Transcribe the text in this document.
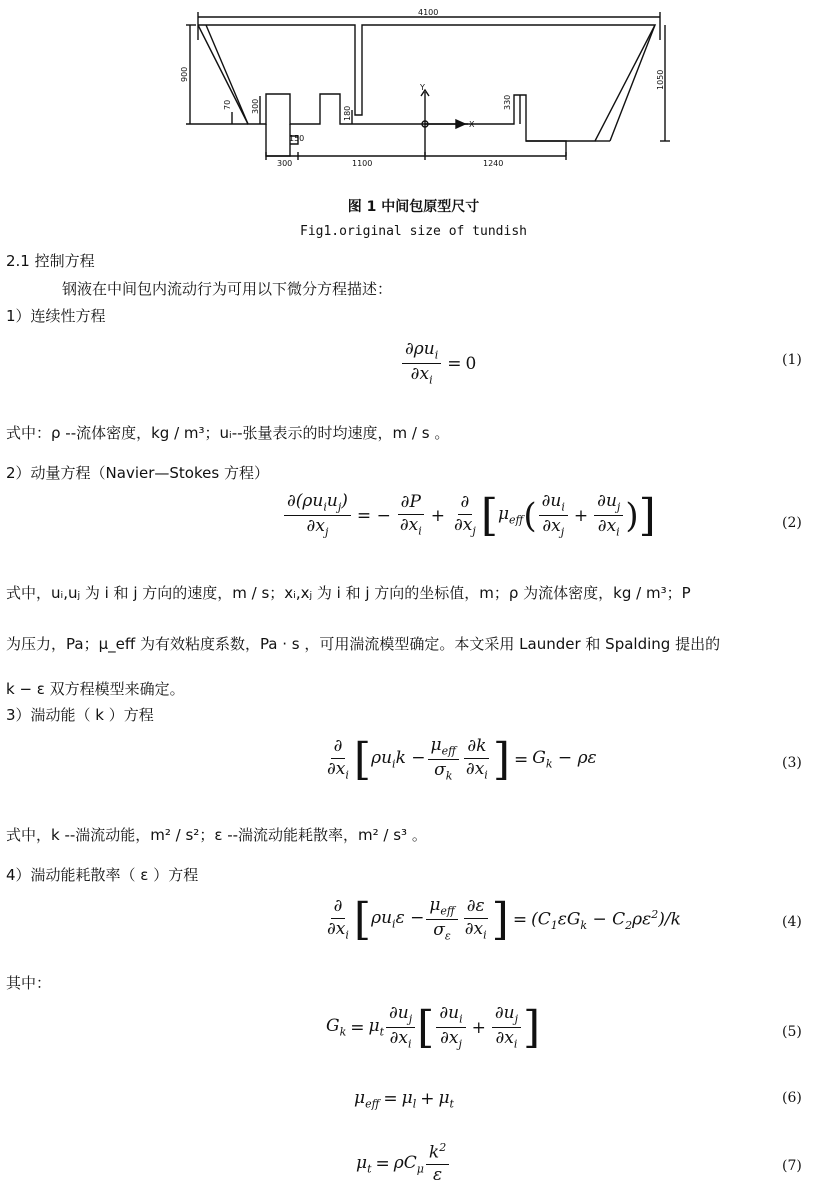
4100
900	1050
70 300
150
180
330
300	1100	1240
Y
X
图 1 中间包原型尺寸
Fig1.original size of tundish
2.1 控制方程
钢液在中间包内流动行为可用以下微分方程描述：
1）连续性方程
$\frac{\partial\rho u_i}{\partial x_i} = 0$	(1)
式中：ρ --流体密度，kg / m³；uᵢ--张量表示的时均速度，m / s 。
2）动量方程（Navier—Stokes 方程）
$\frac{\partial(\rho u_iu_j)}{\partial x_j}$ = − $\frac{\partial P}{\partial x_i} + \frac{\partial}{\partial x_j}$ [ $\mu_{eff}$ ( $\frac{\partial u_i}{\partial x_j} + \frac{\partial u_j}{\partial x_i}$ ) ]	(2)
式中，uᵢ,uⱼ 为 i 和 j 方向的速度，m / s；xᵢ,xⱼ 为 i 和 j 方向的坐标值，m；ρ 为流体密度，kg / m³；P
为压力，Pa；μ_eff 为有效粘度系数，Pa · s ，可用湍流模型确定。本文采用 Launder 和 Spalding 提出的
k − ε 双方程模型来确定。
3）湍动能（ k ）方程
$\frac{\partial}{\partial x_i}$ [ $\rho u_ik - \frac{\mu_{eff}}{\sigma_k} \frac{\partial k}{\partial x_i}$ ] = $G_k - \rho\varepsilon$	(3)
式中，k --湍流动能，m² / s²；ε --湍流动能耗散率，m² / s³ 。
4）湍动能耗散率（ ε ）方程
$\frac{\partial}{\partial x_i}$ [ $\rho u_i\varepsilon - \frac{\mu_{eff}}{\sigma_\varepsilon} \frac{\partial\varepsilon}{\partial x_i}$ ] = $(C_1\varepsilon G_k - C_2\rho\varepsilon^2)/k$	(4)
其中：
$G_k = \mu_t \frac{\partial u_j}{\partial x_i}$ [ $\frac{\partial u_i}{\partial x_j} + \frac{\partial u_j}{\partial x_i}$ ]	(5)
$\mu_{eff} = \mu_l + \mu_t$	(6)
$\mu_t = \rho C_\mu \frac{k^2}{\varepsilon}$	(7)
